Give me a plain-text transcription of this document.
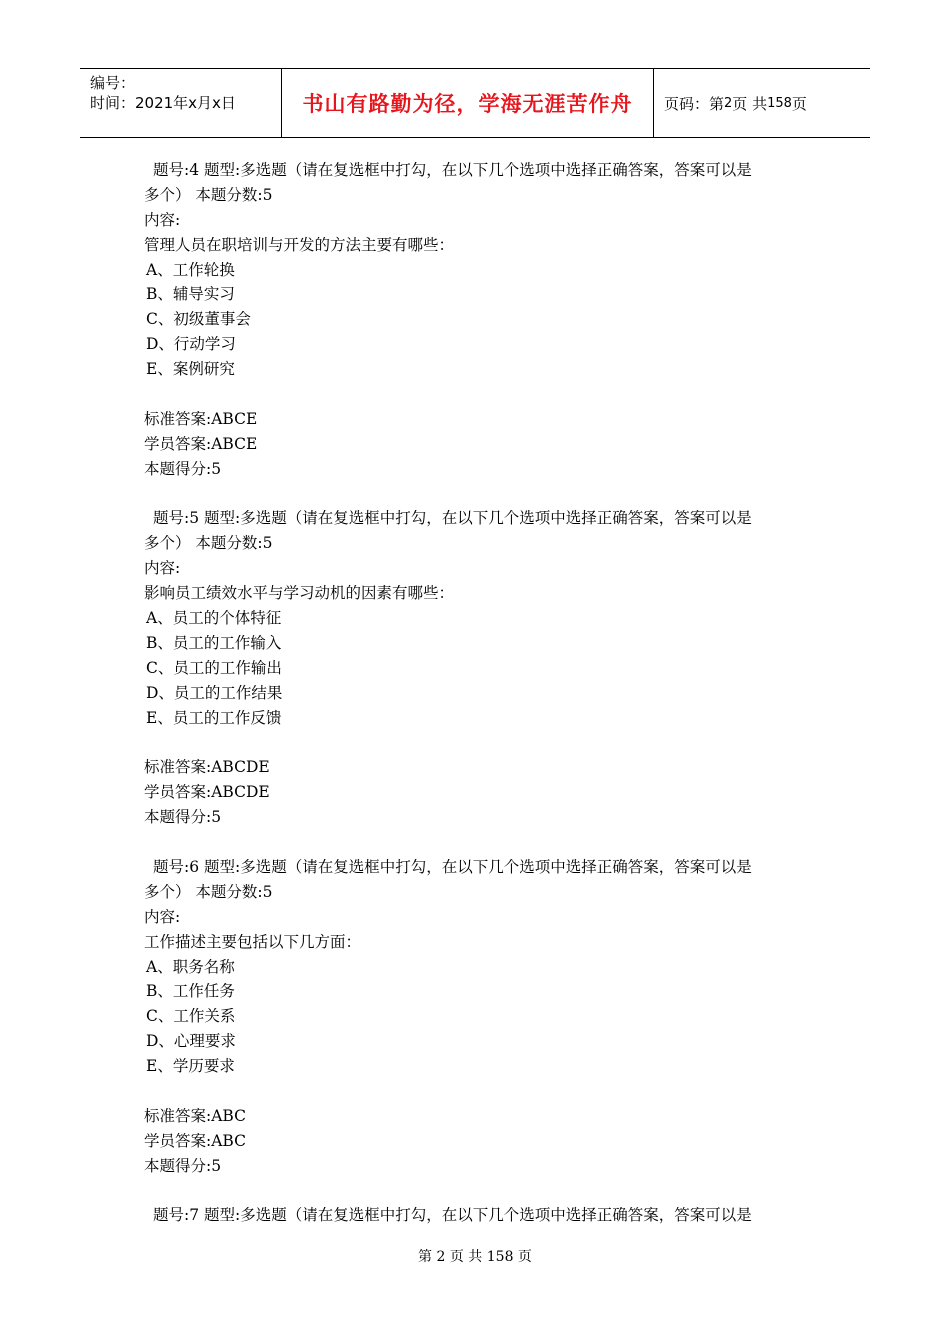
编号：
时间：2021年x月x日	书山有路勤为径，学海无涯苦作舟	页码：第 2 页 共 158 页
题号:4 题型:多选题（请在复选框中打勾，在以下几个选项中选择正确答案，答案可以是
多个） 本题分数:5
内容:
管理人员在职培训与开发的方法主要有哪些：
A、工作轮换
B、辅导实习
C、初级董事会
D、行动学习
E、案例研究
标准答案:ABCE
学员答案:ABCE
本题得分:5
题号:5 题型:多选题（请在复选框中打勾，在以下几个选项中选择正确答案，答案可以是
多个） 本题分数:5
内容:
影响员工绩效水平与学习动机的因素有哪些：
A、员工的个体特征
B、员工的工作输入
C、员工的工作输出
D、员工的工作结果
E、员工的工作反馈
标准答案:ABCDE
学员答案:ABCDE
本题得分:5
题号:6 题型:多选题（请在复选框中打勾，在以下几个选项中选择正确答案，答案可以是
多个） 本题分数:5
内容:
工作描述主要包括以下几方面：
A、职务名称
B、工作任务
C、工作关系
D、心理要求
E、学历要求
标准答案:ABC
学员答案:ABC
本题得分:5
题号:7 题型:多选题（请在复选框中打勾，在以下几个选项中选择正确答案，答案可以是
第 2 页 共 158 页
